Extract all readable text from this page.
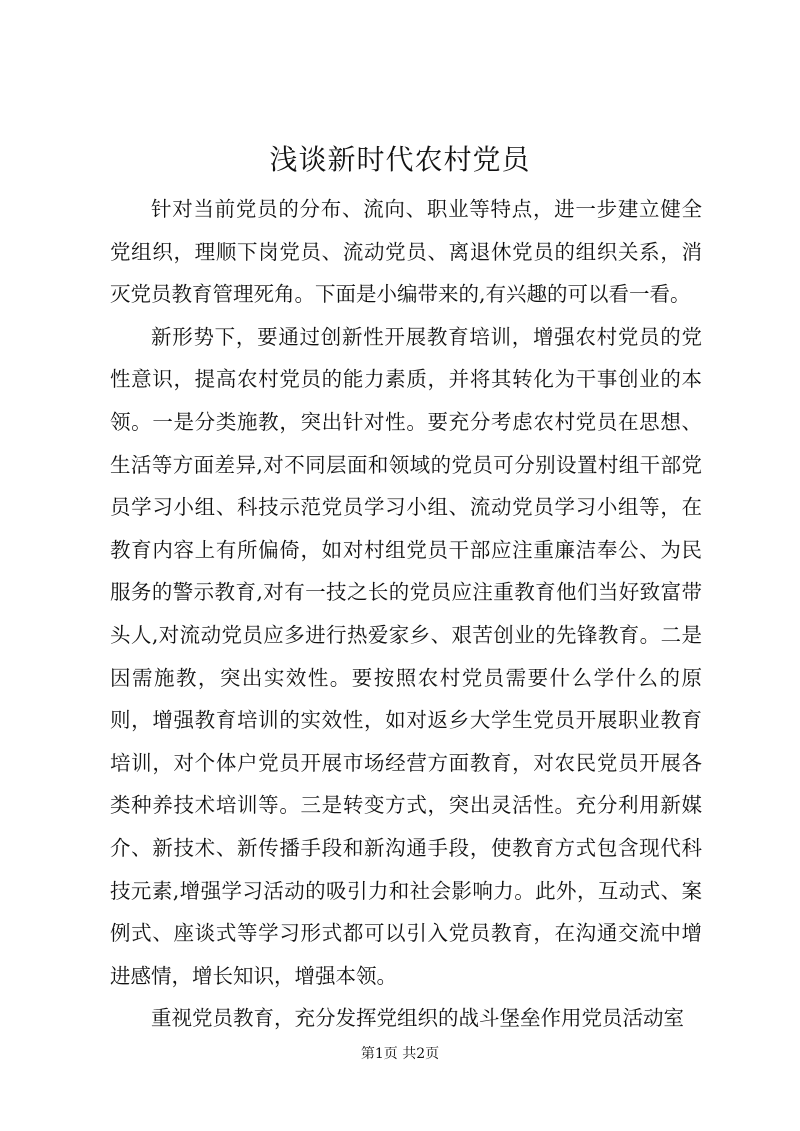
浅谈新时代农村党员

针对当前党员的分布、流向、职业等特点，进一步建立健全党组织，理顺下岗党员、流动党员、离退休党员的组织关系，消灭党员教育管理死角。下面是小编带来的,有兴趣的可以看一看。

新形势下，要通过创新性开展教育培训，增强农村党员的党性意识，提高农村党员的能力素质，并将其转化为干事创业的本领。一是分类施教，突出针对性。要充分考虑农村党员在思想、生活等方面差异,对不同层面和领域的党员可分别设置村组干部党员学习小组、科技示范党员学习小组、流动党员学习小组等，在教育内容上有所偏倚，如对村组党员干部应注重廉洁奉公、为民服务的警示教育,对有一技之长的党员应注重教育他们当好致富带头人,对流动党员应多进行热爱家乡、艰苦创业的先锋教育。二是因需施教，突出实效性。要按照农村党员需要什么学什么的原则，增强教育培训的实效性，如对返乡大学生党员开展职业教育培训，对个体户党员开展市场经营方面教育，对农民党员开展各类种养技术培训等。三是转变方式，突出灵活性。充分利用新媒介、新技术、新传播手段和新沟通手段，使教育方式包含现代科技元素,增强学习活动的吸引力和社会影响力。此外，互动式、案例式、座谈式等学习形式都可以引入党员教育，在沟通交流中增进感情，增长知识，增强本领。

重视党员教育，充分发挥党组织的战斗堡垒作用党员活动室

第1页 共2页
